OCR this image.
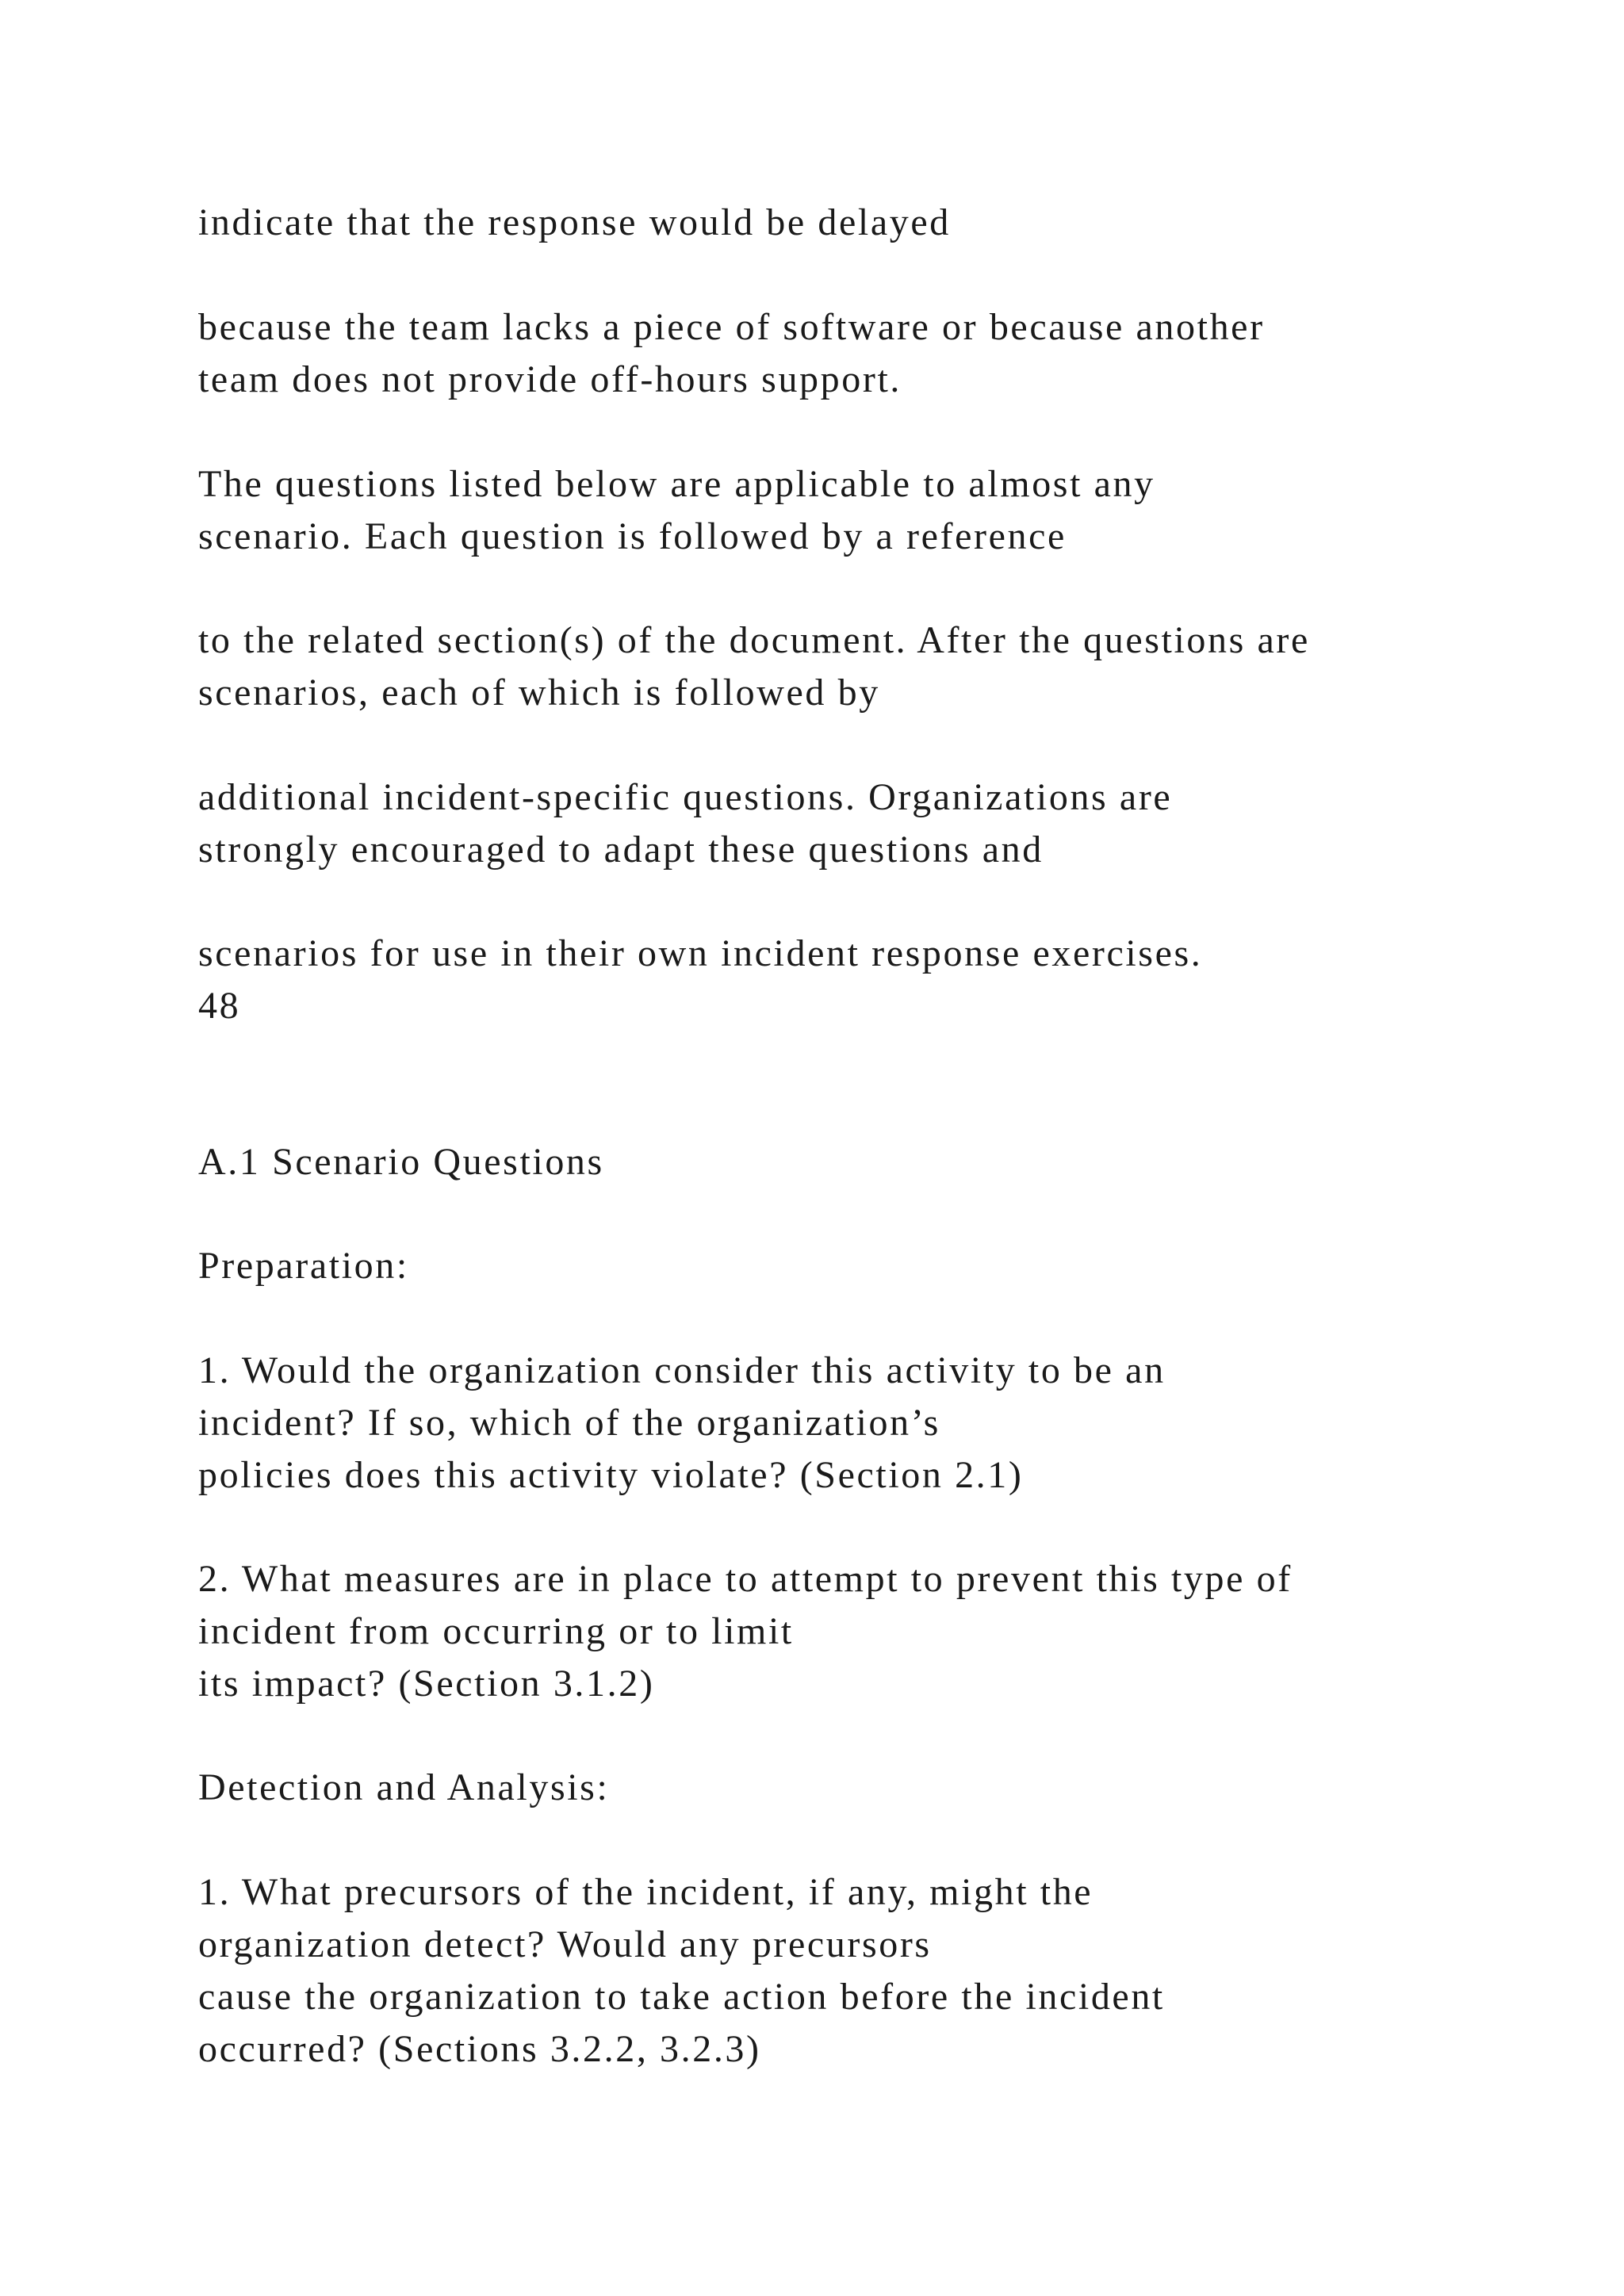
indicate that the response would be delayed

because the team lacks a piece of software or because another

team does not provide off-hours support.

The questions listed below are applicable to almost any

scenario. Each question is followed by a reference

to the related section(s) of the document. After the questions are

scenarios, each of which is followed by

additional incident-specific questions. Organizations are

strongly encouraged to adapt these questions and

scenarios for use in their own incident response exercises.

48

A.1 Scenario Questions

Preparation:

1. Would the organization consider this activity to be an

incident? If so, which of the organization’s

policies does this activity violate? (Section 2.1)

2. What measures are in place to attempt to prevent this type of

incident from occurring or to limit

its impact? (Section 3.1.2)

Detection and Analysis:

1. What precursors of the incident, if any, might the

organization detect? Would any precursors

cause the organization to take action before the incident

occurred? (Sections 3.2.2, 3.2.3)
